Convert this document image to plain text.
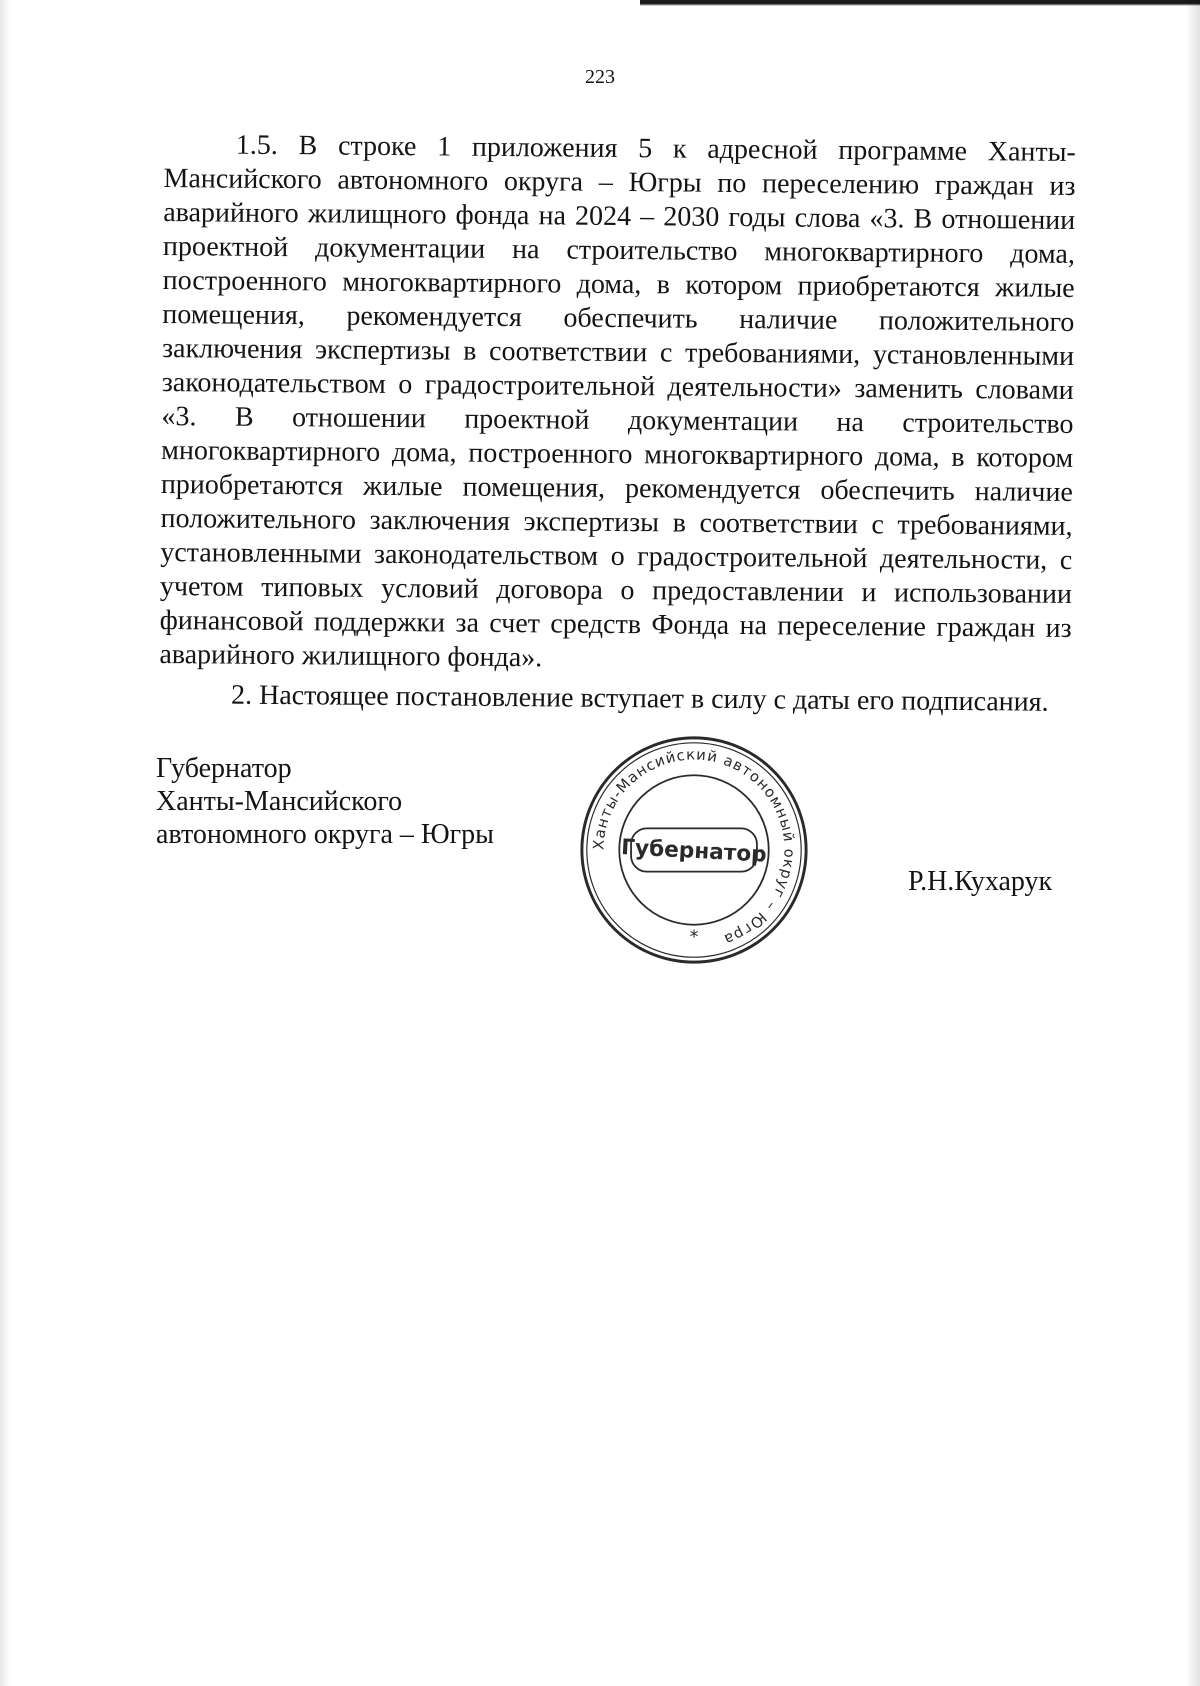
223

1.5. В строке 1 приложения 5 к адресной программе Ханты-Мансийского автономного округа – Югры по переселению граждан из аварийного жилищного фонда на 2024 – 2030 годы слова «3. В отношении проектной документации на строительство многоквартирного дома, построенного многоквартирного дома, в котором приобретаются жилые помещения, рекомендуется обеспечить наличие положительного заключения экспертизы в соответствии с требованиями, установленными законодательством о градостроительной деятельности» заменить словами «3. В отношении проектной документации на строительство многоквартирного дома, построенного многоквартирного дома, в котором приобретаются жилые помещения, рекомендуется обеспечить наличие положительного заключения экспертизы в соответствии с требованиями, установленными законодательством о градостроительной деятельности, с учетом типовых условий договора о предоставлении и использовании финансовой поддержки за счет средств Фонда на переселение граждан из аварийного жилищного фонда».

2. Настоящее постановление вступает в силу с даты его подписания.

Губернатор
Ханты-Мансийского
автономного округа – Югры	Ханты-Мансийский автономный округ – Югра
Губернатор
*
Р.Н.Кухарук
